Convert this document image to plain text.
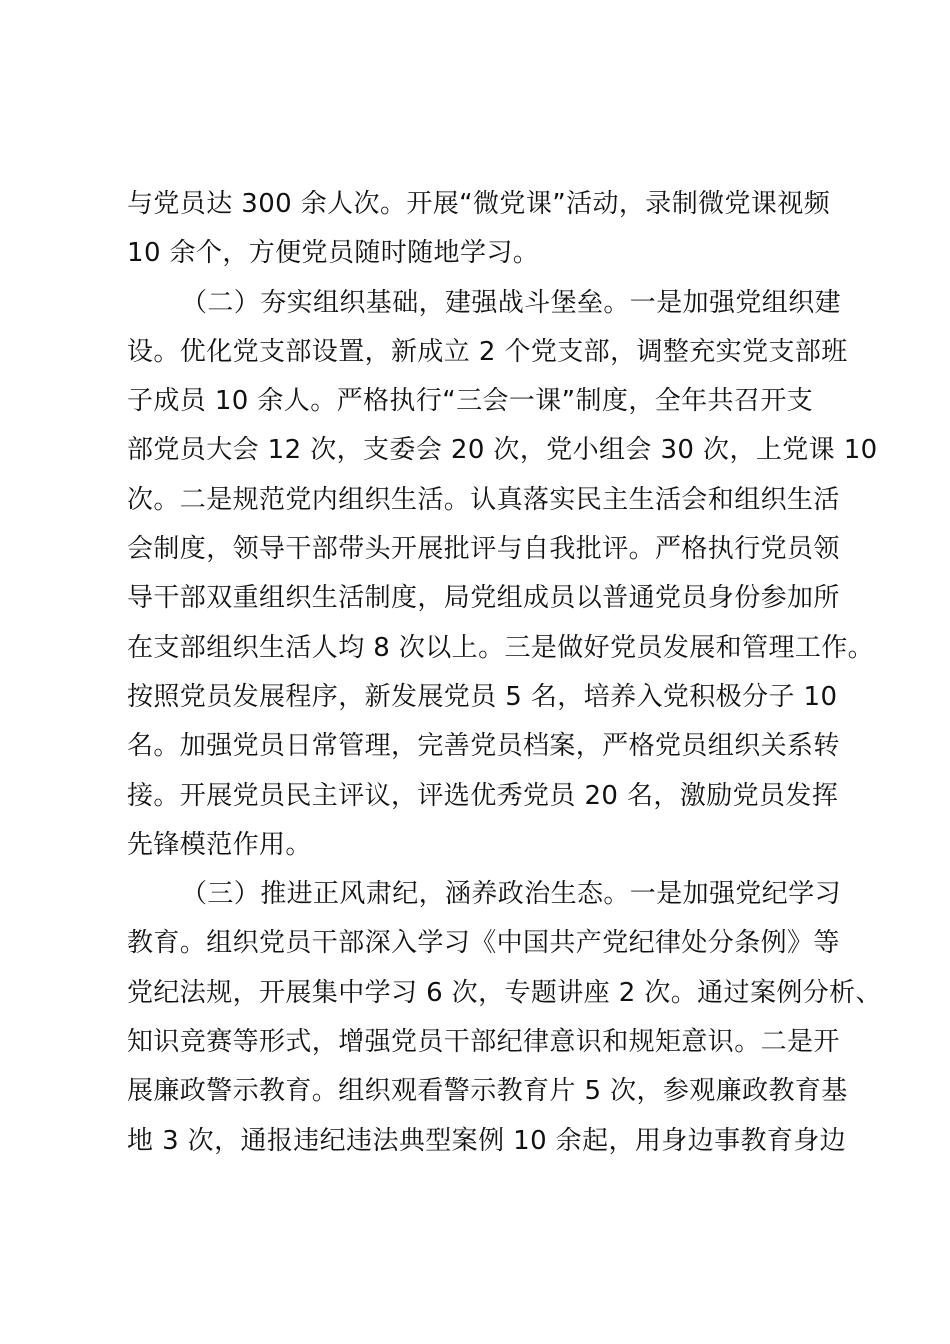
与党员达 300 余人次。开展“微党课”活动，录制微党课视频
10 余个，方便党员随时随地学习。
（二）夯实组织基础，建强战斗堡垒。一是加强党组织建
设。优化党支部设置，新成立 2 个党支部，调整充实党支部班
子成员 10 余人。严格执行“三会一课”制度，全年共召开支
部党员大会 12 次，支委会 20 次，党小组会 30 次，上党课 10
次。二是规范党内组织生活。认真落实民主生活会和组织生活
会制度，领导干部带头开展批评与自我批评。严格执行党员领
导干部双重组织生活制度，局党组成员以普通党员身份参加所
在支部组织生活人均 8 次以上。三是做好党员发展和管理工作。
按照党员发展程序，新发展党员 5 名，培养入党积极分子 10
名。加强党员日常管理，完善党员档案，严格党员组织关系转
接。开展党员民主评议，评选优秀党员 20 名，激励党员发挥
先锋模范作用。
（三）推进正风肃纪，涵养政治生态。一是加强党纪学习
教育。组织党员干部深入学习《中国共产党纪律处分条例》等
党纪法规，开展集中学习 6 次，专题讲座 2 次。通过案例分析、
知识竞赛等形式，增强党员干部纪律意识和规矩意识。二是开
展廉政警示教育。组织观看警示教育片 5 次，参观廉政教育基
地 3 次，通报违纪违法典型案例 10 余起，用身边事教育身边
